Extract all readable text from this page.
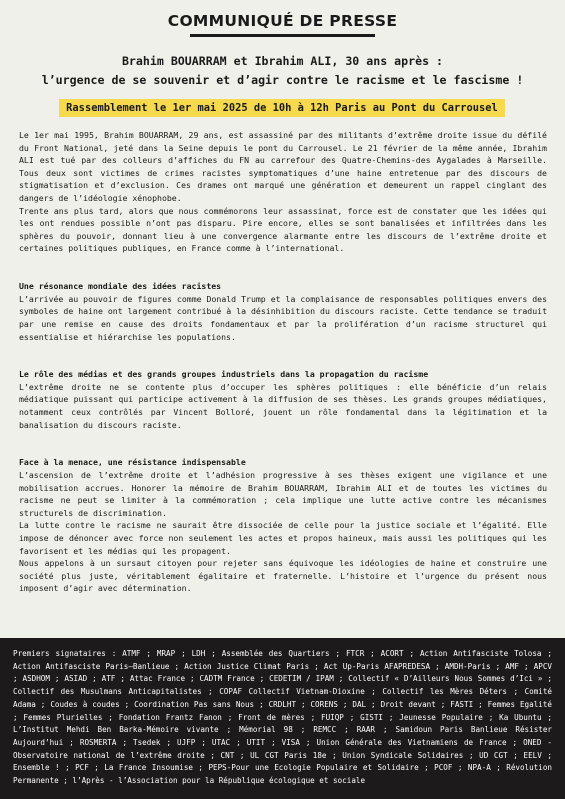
COMMUNIQUÉ DE PRESSE
Brahim BOUARRAM et Ibrahim ALI, 30 ans après :
l’urgence de se souvenir et d’agir contre le racisme et le fascisme !
Rassemblement le 1er mai 2025 de 10h à 12h Paris au Pont du Carrousel

Le 1er mai 1995, Brahim BOUARRAM, 29 ans, est assassiné par des militants d’extrême droite issue du défilé du Front National, jeté dans la Seine depuis le pont du Carrousel. Le 21 février de la même année, Ibrahim ALI est tué par des colleurs d’affiches du FN au carrefour des Quatre-Chemins-des Aygalades à Marseille. Tous deux sont victimes de crimes racistes symptomatiques d’une haine entretenue par des discours de stigmatisation et d’exclusion. Ces drames ont marqué une génération et demeurent un rappel cinglant des dangers de l’idéologie xénophobe.

Trente ans plus tard, alors que nous commémorons leur assassinat, force est de constater que les idées qui les ont rendues possible n’ont pas disparu. Pire encore, elles se sont banalisées et infiltrées dans les sphères du pouvoir, donnant lieu à une convergence alarmante entre les discours de l’extrême droite et certaines politiques publiques, en France comme à l’international.

Une résonance mondiale des idées racistes

L’arrivée au pouvoir de figures comme Donald Trump et la complaisance de responsables politiques envers des symboles de haine ont largement contribué à la désinhibition du discours raciste. Cette tendance se traduit par une remise en cause des droits fondamentaux et par la prolifération d’un racisme structurel qui essentialise et hiérarchise les populations.

Le rôle des médias et des grands groupes industriels dans la propagation du racisme

L’extrême droite ne se contente plus d’occuper les sphères politiques : elle bénéficie d’un relais médiatique puissant qui participe activement à la diffusion de ses thèses. Les grands groupes médiatiques, notamment ceux contrôlés par Vincent Bolloré, jouent un rôle fondamental dans la légitimation et la banalisation du discours raciste.

Face à la menace, une résistance indispensable

L’ascension de l’extrême droite et l’adhésion progressive à ses thèses exigent une vigilance et une mobilisation accrues. Honorer la mémoire de Brahim BOUARRAM, Ibrahim ALI et de toutes les victimes du racisme ne peut se limiter à la commémoration ; cela implique une lutte active contre les mécanismes structurels de discrimination.

La lutte contre le racisme ne saurait être dissociée de celle pour la justice sociale et l’égalité. Elle impose de dénoncer avec force non seulement les actes et propos haineux, mais aussi les politiques qui les favorisent et les médias qui les propagent.

Nous appelons à un sursaut citoyen pour rejeter sans équivoque les idéologies de haine et construire une société plus juste, véritablement égalitaire et fraternelle. L’histoire et l’urgence du présent nous imposent d’agir avec détermination.

Premiers signataires : ATMF ; MRAP ; LDH ; Assemblée des Quartiers ; FTCR ; ACORT ; Action Antifasciste Tolosa ; Action Antifasciste Paris–Banlieue ; Action Justice Climat Paris ; Act Up-Paris AFAPREDESA ; AMDH-Paris ; AMF ; APCV ; ASDHOM ; ASIAD ; ATF ; Attac France ; CADTM France ; CEDETIM / IPAM ; Collectif « D’Ailleurs Nous Sommes d’Ici » ; Collectif des Musulmans Anticapitalistes ; COPAF Collectif Vietnam-Dioxine ; Collectif les Mères Déters ; Comité Adama ; Coudes à coudes ; Coordination Pas sans Nous ; CRDLHT ; CORENS ; DAL ; Droit devant ; FASTI ; Femmes Egalité ; Femmes Plurielles ; Fondation Frantz Fanon ; Front de mères ; FUIQP ; GISTI ; Jeunesse Populaire ; Ka Ubuntu ; L’Institut Mehdi Ben Barka-Mémoire vivante ; Mémorial 98 ; REMCC ; RAAR ; Samidoun Paris Banlieue Résister Aujourd’hui ; ROSMERTA ; Tsedek ; UJFP ; UTAC ; UTIT ; VISA ; Union Générale des Vietnamiens de France ; ONED - Observatoire national de l’extrême droite ; CNT ; UL CGT Paris 18e ; Union Syndicale Solidaires ; UD CGT ; EELV ; Ensemble ! ; PCF ; La France Insoumise ; PEPS-Pour une Ecologie Populaire et Solidaire ; PCOF ; NPA-A ; Révolution Permanente ; l’Après - l’Association pour la République écologique et sociale
